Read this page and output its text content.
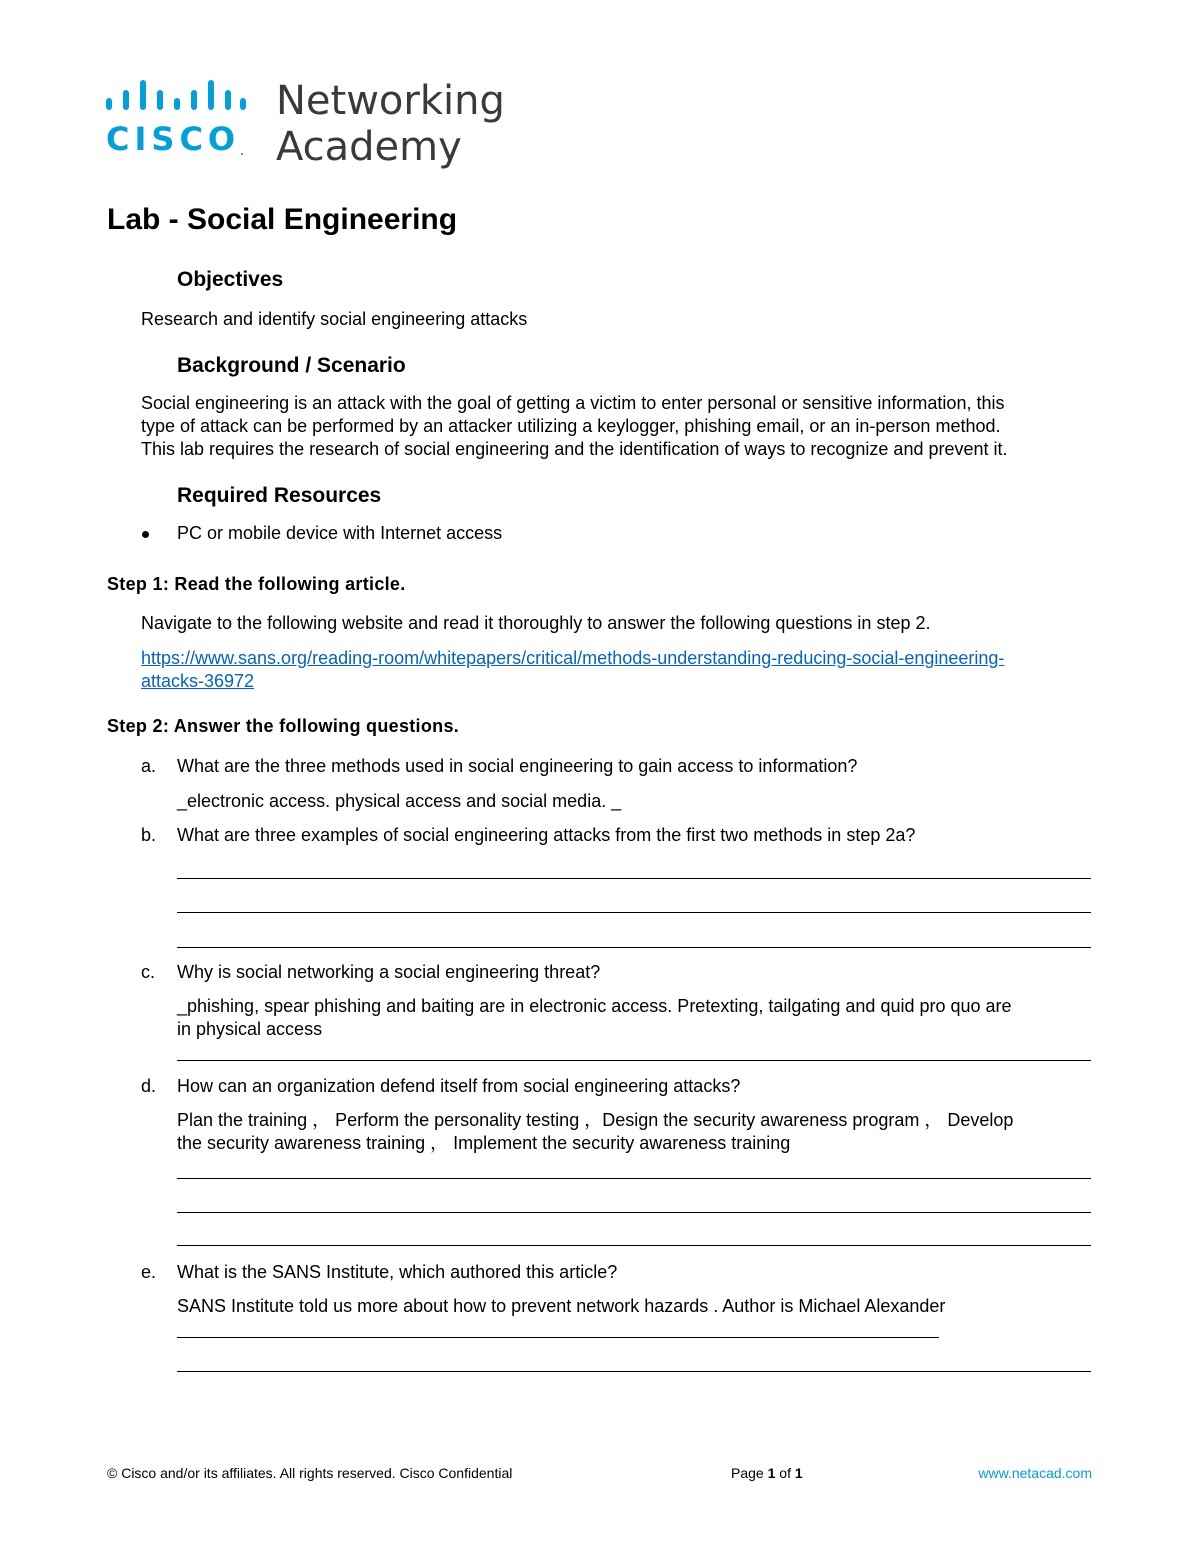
CISCO.
Networking
Academy
Lab - Social Engineering
Objectives
Research and identify social engineering attacks
Background / Scenario
Social engineering is an attack with the goal of getting a victim to enter personal or sensitive information, this
type of attack can be performed by an attacker utilizing a keylogger, phishing email, or an in-person method.
This lab requires the research of social engineering and the identification of ways to recognize and prevent it.
Required Resources
PC or mobile device with Internet access
Step 1: Read the following article.
Navigate to the following website and read it thoroughly to answer the following questions in step 2.
https://www.sans.org/reading-room/whitepapers/critical/methods-understanding-reducing-social-engineering-
attacks-36972
Step 2: Answer the following questions.
a. What are the three methods used in social engineering to gain access to information?
_electronic access. physical access and social media. _
b. What are three examples of social engineering attacks from the first two methods in step 2a?
c. Why is social networking a social engineering threat?
_phishing, spear phishing and baiting are in electronic access. Pretexting, tailgating and quid pro quo are
in physical access
d. How can an organization defend itself from social engineering attacks?
Plan the training ， Perform the personality testing ，Design the security awareness program ， Develop
the security awareness training ， Implement the security awareness training
e. What is the SANS Institute, which authored this article?
SANS Institute told us more about how to prevent network hazards . Author is Michael Alexander
© Cisco and/or its affiliates. All rights reserved. Cisco Confidential	Page 1 of 1	www.netacad.com
